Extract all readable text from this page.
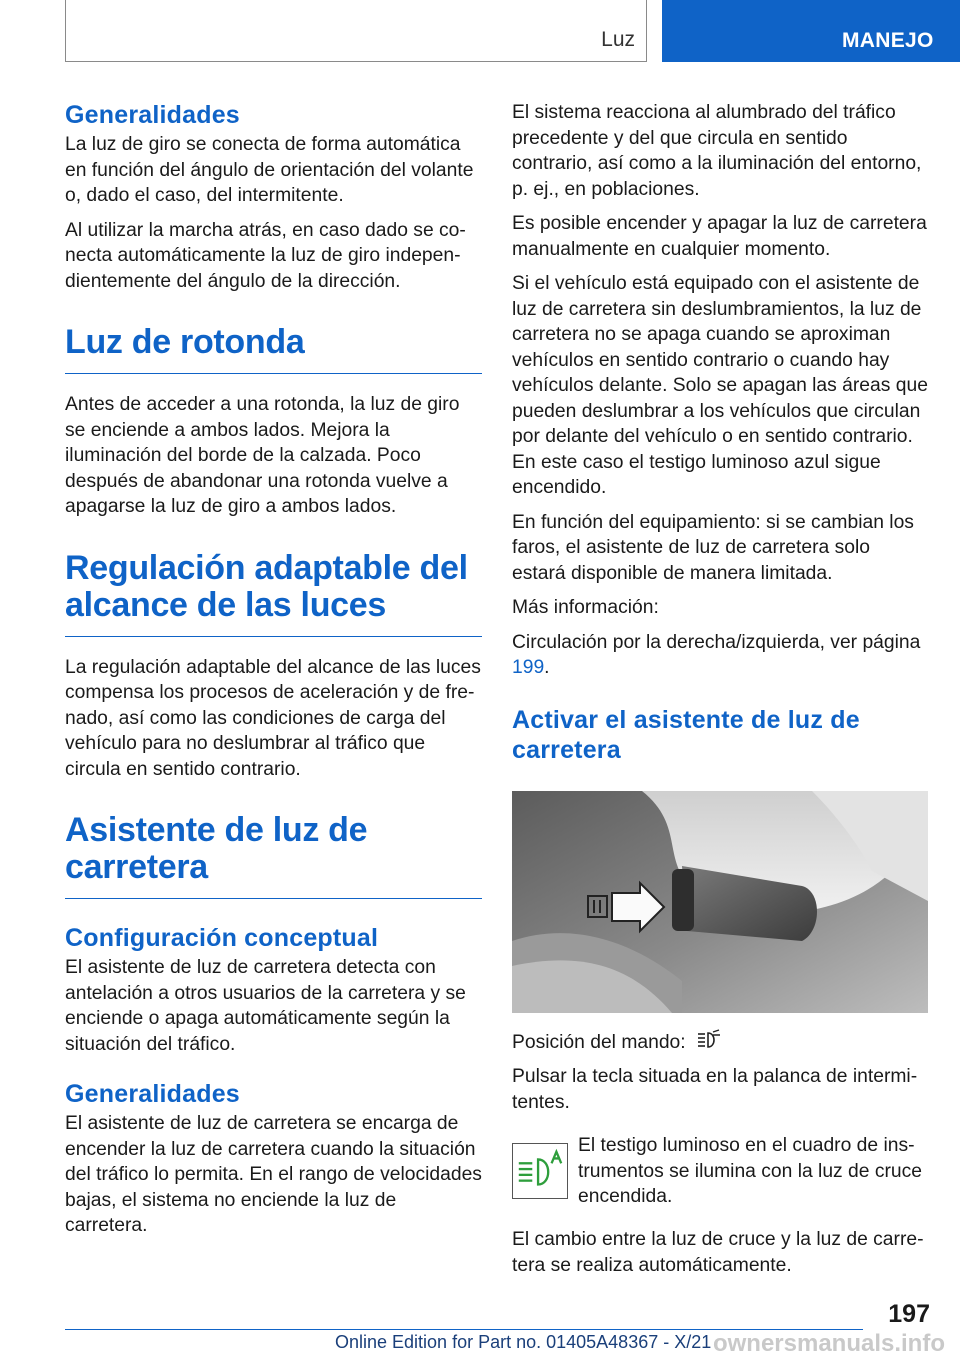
Luz	MANEJO
Generalidades

La luz de giro se conecta de forma automática en función del ángulo de orientación del volante o, dado el caso, del intermitente.

Al utilizar la marcha atrás, en caso dado se conecta automáticamente la luz de giro independientemente del ángulo de la dirección.

Luz de rotonda

Antes de acceder a una rotonda, la luz de giro se enciende a ambos lados. Mejora la iluminación del borde de la calzada. Poco después de abandonar una rotonda vuelve a apagarse la luz de giro a ambos lados.

Regulación adaptable del alcance de las luces

La regulación adaptable del alcance de las luces compensa los procesos de aceleración y de frenado, así como las condiciones de carga del vehículo para no deslumbrar al tráfico que circula en sentido contrario.

Asistente de luz de carretera
Configuración conceptual

El asistente de luz de carretera detecta con antelación a otros usuarios de la carretera y se enciende o apaga automáticamente según la situación del tráfico.

Generalidades

El asistente de luz de carretera se encarga de encender la luz de carretera cuando la situación del tráfico lo permita. En el rango de velocidades bajas, el sistema no enciende la luz de carretera.

El sistema reacciona al alumbrado del tráfico precedente y del que circula en sentido contrario, así como a la iluminación del entorno, p. ej., en poblaciones.

Es posible encender y apagar la luz de carretera manualmente en cualquier momento.

Si el vehículo está equipado con el asistente de luz de carretera sin deslumbramientos, la luz de carretera no se apaga cuando se aproximan vehículos en sentido contrario o cuando hay vehículos delante. Solo se apagan las áreas que pueden deslumbrar a los vehículos que circulan por delante del vehículo o en sentido contrario. En este caso el testigo luminoso azul sigue encendido.

En función del equipamiento: si se cambian los faros, el asistente de luz de carretera solo estará disponible de manera limitada.

Más información:

Circulación por la derecha/izquierda, ver página 199.

Activar el asistente de luz de carretera

Posición del mando:

Pulsar la tecla situada en la palanca de intermitentes.

El testigo luminoso en el cuadro de instrumentos se ilumina con la luz de cruce encendida.

El cambio entre la luz de cruce y la luz de carretera se realiza automáticamente.

197
Online Edition for Part no. 01405A48367 - X/21 ownersmanuals.info
